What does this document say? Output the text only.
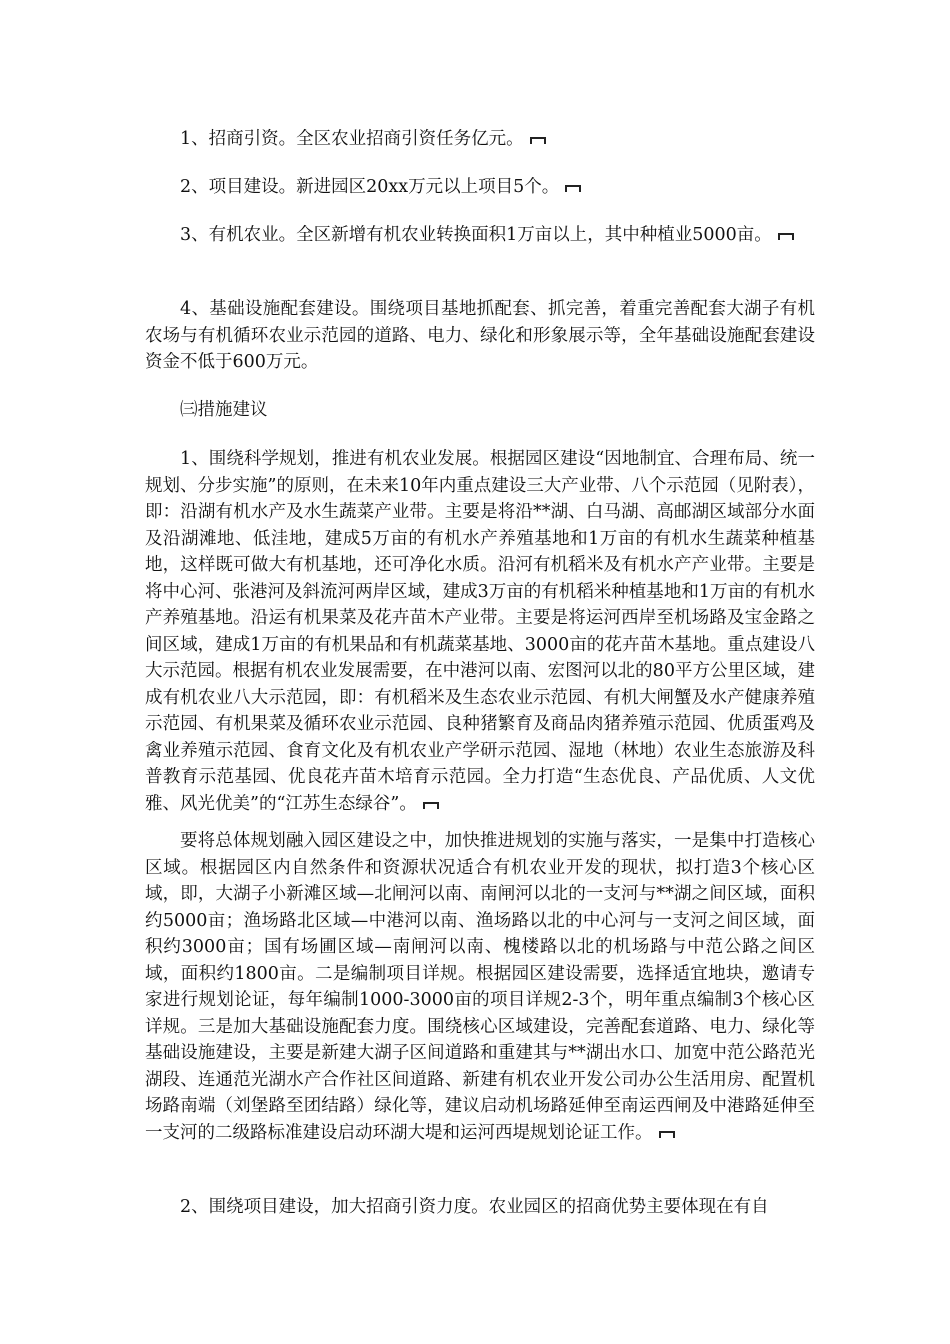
1、招商引资。全区农业招商引资任务亿元。

2、项目建设。新进园区20xx万元以上项目5个。

3、有机农业。全区新增有机农业转换面积1万亩以上，其中种植业5000亩。

4、基础设施配套建设。围绕项目基地抓配套、抓完善，着重完善配套大湖子有机农场与有机循环农业示范园的道路、电力、绿化和形象展示等，全年基础设施配套建设资金不低于600万元。

㈢措施建议

1、围绕科学规划，推进有机农业发展。根据园区建设“因地制宜、合理布局、统一规划、分步实施”的原则，在未来10年内重点建设三大产业带、八个示范园（见附表），即：沿湖有机水产及水生蔬菜产业带。主要是将沿**湖、白马湖、高邮湖区域部分水面及沿湖滩地、低洼地，建成5万亩的有机水产养殖基地和1万亩的有机水生蔬菜种植基地，这样既可做大有机基地，还可净化水质。沿河有机稻米及有机水产产业带。主要是将中心河、张港河及斜流河两岸区域，建成3万亩的有机稻米种植基地和1万亩的有机水产养殖基地。沿运有机果菜及花卉苗木产业带。主要是将运河西岸至机场路及宝金路之间区域，建成1万亩的有机果品和有机蔬菜基地、3000亩的花卉苗木基地。重点建设八大示范园。根据有机农业发展需要，在中港河以南、宏图河以北的80平方公里区域，建成有机农业八大示范园，即：有机稻米及生态农业示范园、有机大闸蟹及水产健康养殖示范园、有机果菜及循环农业示范园、良种猪繁育及商品肉猪养殖示范园、优质蛋鸡及禽业养殖示范园、食育文化及有机农业产学研示范园、湿地（林地）农业生态旅游及科普教育示范基园、优良花卉苗木培育示范园。全力打造“生态优良、产品优质、人文优雅、风光优美”的“江苏生态绿谷”。

要将总体规划融入园区建设之中，加快推进规划的实施与落实，一是集中打造核心区域。根据园区内自然条件和资源状况适合有机农业开发的现状，拟打造3个核心区域，即，大湖子小新滩区域—北闸河以南、南闸河以北的一支河与**湖之间区域，面积约5000亩；渔场路北区域—中港河以南、渔场路以北的中心河与一支河之间区域，面积约3000亩；国有场圃区域—南闸河以南、槐楼路以北的机场路与中范公路之间区域，面积约1800亩。二是编制项目详规。根据园区建设需要，选择适宜地块，邀请专家进行规划论证，每年编制1000-3000亩的项目详规2-3个，明年重点编制3个核心区详规。三是加大基础设施配套力度。围绕核心区域建设，完善配套道路、电力、绿化等基础设施建设，主要是新建大湖子区间道路和重建其与**湖出水口、加宽中范公路范光湖段、连通范光湖水产合作社区间道路、新建有机农业开发公司办公生活用房、配置机场路南端（刘堡路至团结路）绿化等，建议启动机场路延伸至南运西闸及中港路延伸至一支河的二级路标准建设启动环湖大堤和运河西堤规划论证工作。

2、围绕项目建设，加大招商引资力度。农业园区的招商优势主要体现在有自
